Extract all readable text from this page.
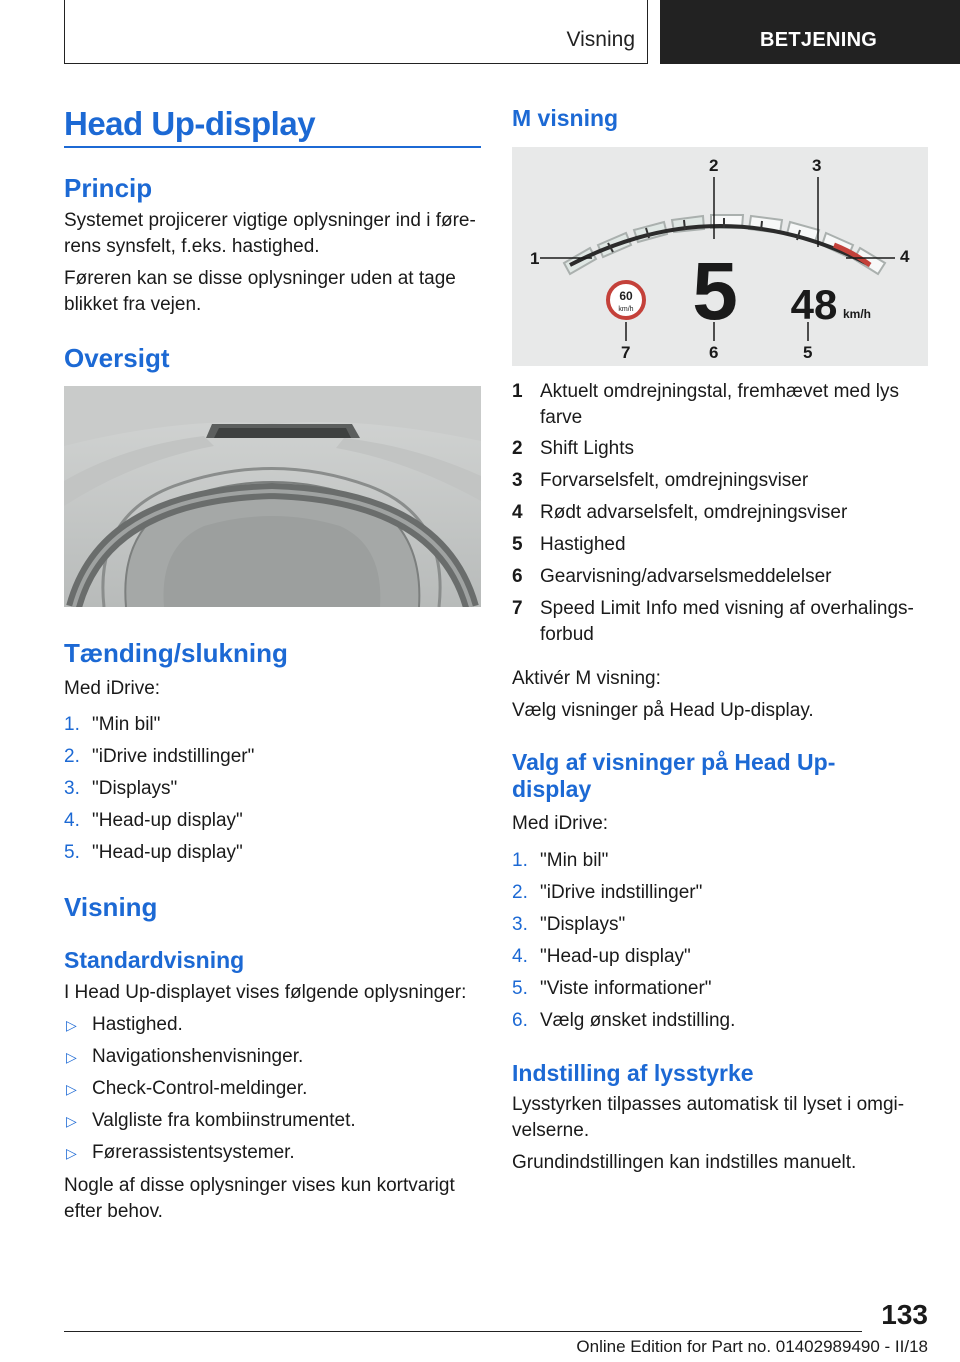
Visning	BETJENING
Head Up-display
Princip

Systemet projicerer vigtige oplysninger ind i føre-

rens synsfelt, f.eks. hastighed.

Føreren kan se disse oplysninger uden at tage

blikket fra vejen.

Oversigt
Tænding/slukning

Med iDrive:

1. "Min bil"
2. "iDrive indstillinger"
3. "Displays"
4. "Head-up display"
5. "Head-up display"
Visning
Standardvisning

I Head Up-displayet vises følgende oplysninger:

▷ Hastighed.
▷ Navigationshenvisninger.
▷ Check-Control-meldinger.
▷ Valgliste fra kombiinstrumentet.
▷ Førerassistentsystemer.

Nogle af disse oplysninger vises kun kortvarigt

efter behov.

M visning
60
km/h 5 48 km/h
1
2	3
4
5
6
7
1 Aktuelt omdrejningstal, fremhævet med lys
farve
2 Shift Lights
3 Forvarselsfelt, omdrejningsviser
4 Rødt advarselsfelt, omdrejningsviser
5 Hastighed
6 Gearvisning/advarselsmeddelelser
7 Speed Limit Info med visning af overhalings-
forbud

Aktivér M visning:

Vælg visninger på Head Up-display.

Valg af visninger på Head Up-
display

Med iDrive:

1. "Min bil"
2. "iDrive indstillinger"
3. "Displays"
4. "Head-up display"
5. "Viste informationer"
6. Vælg ønsket indstilling.
Indstilling af lysstyrke

Lysstyrken tilpasses automatisk til lyset i omgi-

velserne.

Grundindstillingen kan indstilles manuelt.

133
Online Edition for Part no. 01402989490 - II/18
